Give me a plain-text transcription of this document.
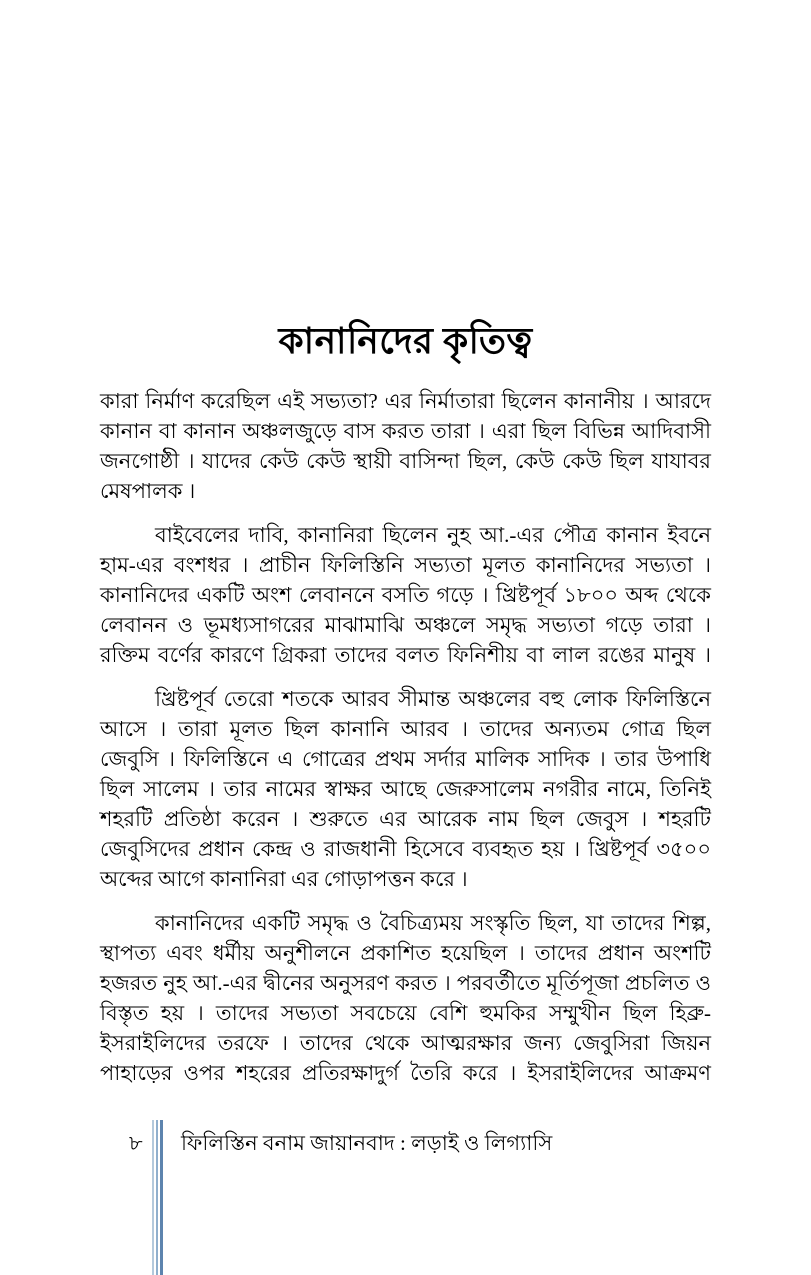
কানানিদের কৃতিত্ব
কারা নির্মাণ করেছিল এই সভ্যতা? এর নির্মাতারা ছিলেন কানানীয় । আরদে
কানান বা কানান অঞ্চলজুড়ে বাস করত তারা । এরা ছিল বিভিন্ন আদিবাসী
জনগোষ্ঠী । যাদের কেউ কেউ স্থায়ী বাসিন্দা ছিল, কেউ কেউ ছিল যাযাবর
মেষপালক ।
বাইবেলের দাবি, কানানিরা ছিলেন নুহ আ.-এর পৌত্র কানান ইবনে
হাম-এর বংশধর । প্রাচীন ফিলিস্তিনি সভ্যতা মূলত কানানিদের সভ্যতা ।
কানানিদের একটি অংশ লেবাননে বসতি গড়ে । খ্রিষ্টপূর্ব ১৮০০ অব্দ থেকে
লেবানন ও ভূমধ্যসাগরের মাঝামাঝি অঞ্চলে সমৃদ্ধ সভ্যতা গড়ে তারা ।
রক্তিম বর্ণের কারণে গ্রিকরা তাদের বলত ফিনিশীয় বা লাল রঙের মানুষ ।
খ্রিষ্টপূর্ব তেরো শতকে আরব সীমান্ত অঞ্চলের বহু লোক ফিলিস্তিনে
আসে । তারা মূলত ছিল কানানি আরব । তাদের অন্যতম গোত্র ছিল
জেবুসি । ফিলিস্তিনে এ গোত্রের প্রথম সর্দার মালিক সাদিক । তার উপাধি
ছিল সালেম । তার নামের স্বাক্ষর আছে জেরুসালেম নগরীর নামে, তিনিই
শহরটি প্রতিষ্ঠা করেন । শুরুতে এর আরেক নাম ছিল জেবুস । শহরটি
জেবুসিদের প্রধান কেন্দ্র ও রাজধানী হিসেবে ব্যবহৃত হয় । খ্রিষ্টপূর্ব ৩৫০০
অব্দের আগে কানানিরা এর গোড়াপত্তন করে ।
কানানিদের একটি সমৃদ্ধ ও বৈচিত্র্যময় সংস্কৃতি ছিল, যা তাদের শিল্প,
স্থাপত্য এবং ধর্মীয় অনুশীলনে প্রকাশিত হয়েছিল । তাদের প্রধান অংশটি
হজরত নুহ আ.-এর দ্বীনের অনুসরণ করত । পরবর্তীতে মূর্তিপূজা প্রচলিত ও
বিস্তৃত হয় । তাদের সভ্যতা সবচেয়ে বেশি হুমকির সম্মুখীন ছিল হিব্রু-
ইসরাইলিদের তরফে । তাদের থেকে আত্মরক্ষার জন্য জেবুসিরা জিয়ন
পাহাড়ের ওপর শহরের প্রতিরক্ষাদুর্গ তৈরি করে । ইসরাইলিদের আক্রমণ
৮ ফিলিস্তিন বনাম জায়ানবাদ : লড়াই ও লিগ্যাসি
